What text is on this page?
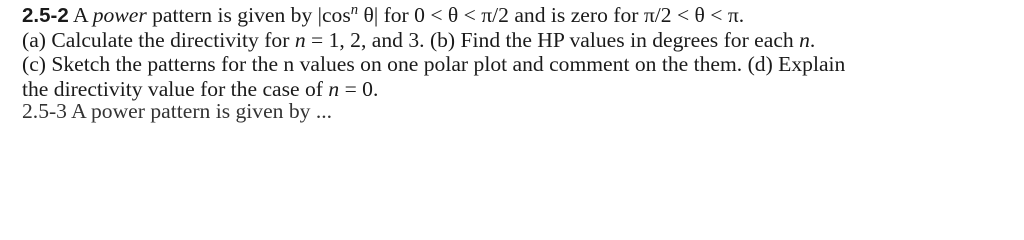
2.5-2 A power pattern is given by $|\cos^n$ θ| for 0 < θ < π/2 and is zero for π/2 < θ < π.
(a) Calculate the directivity for n = 1, 2, and 3. (b) Find the HP values in degrees for each n.
(c) Sketch the patterns for the n values on one polar plot and comment on the them. (d) Explain
the directivity value for the case of n = 0.
2.5-3 A power pattern is given by ...
